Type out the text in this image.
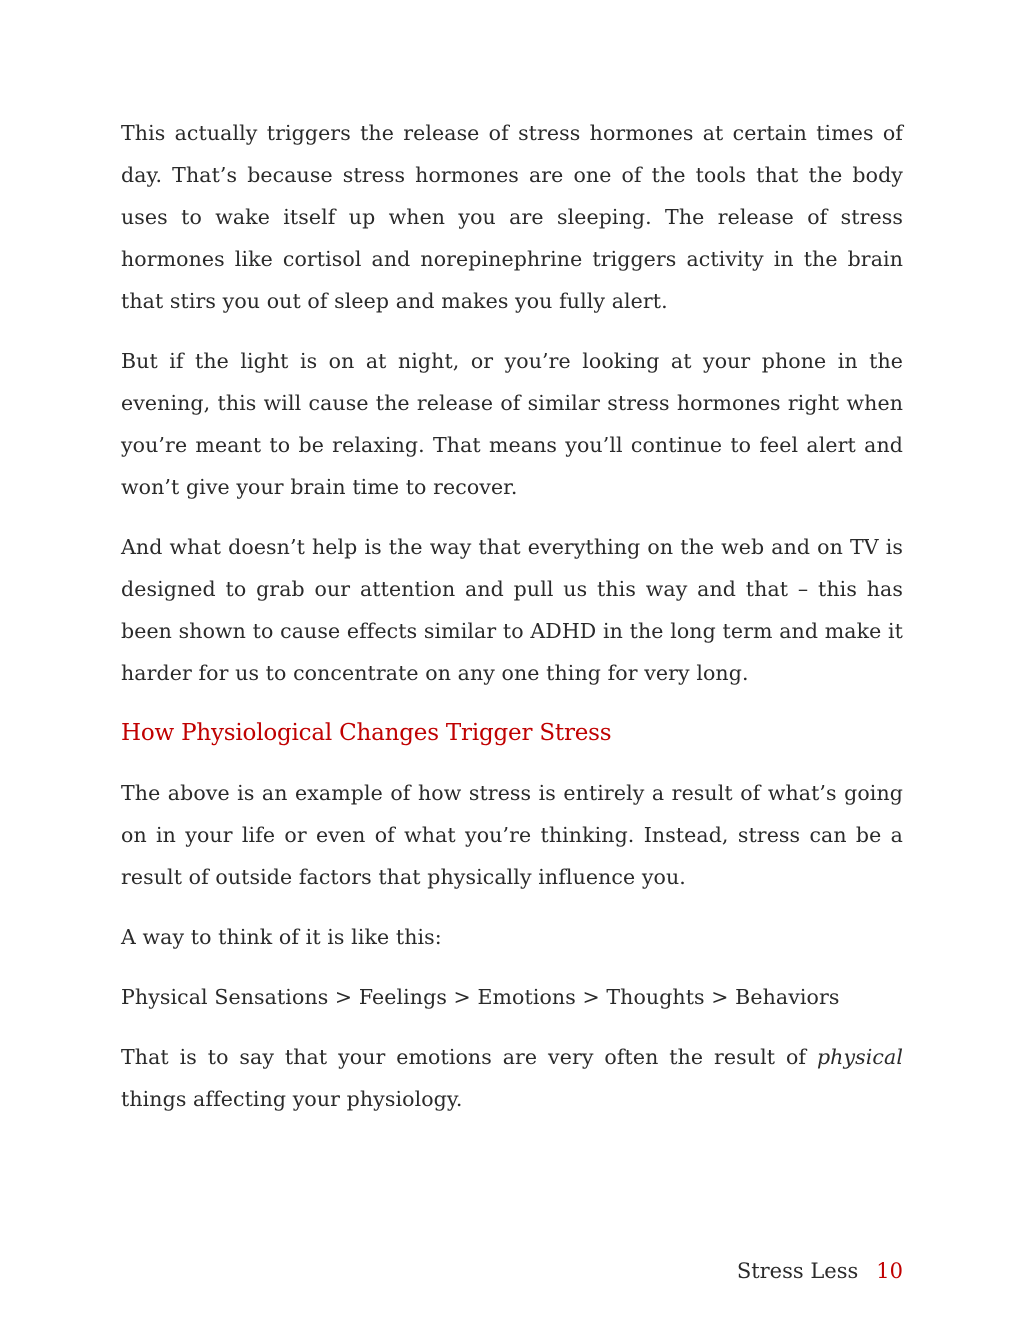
This actually triggers the release of stress hormones at certain times of day. That’s because stress hormones are one of the tools that the body uses to wake itself up when you are sleeping. The release of stress hormones like cortisol and norepinephrine triggers activity in the brain that stirs you out of sleep and makes you fully alert.

But if the light is on at night, or you’re looking at your phone in the evening, this will cause the release of similar stress hormones right when you’re meant to be relaxing. That means you’ll continue to feel alert and won’t give your brain time to recover.

And what doesn’t help is the way that everything on the web and on TV is designed to grab our attention and pull us this way and that – this has been shown to cause effects similar to ADHD in the long term and make it harder for us to concentrate on any one thing for very long.

How Physiological Changes Trigger Stress

The above is an example of how stress is entirely a result of what’s going on in your life or even of what you’re thinking. Instead, stress can be a result of outside factors that physically influence you.

A way to think of it is like this:

Physical Sensations > Feelings > Emotions > Thoughts > Behaviors

That is to say that your emotions are very often the result of physical things affecting your physiology.

Stress Less 10
